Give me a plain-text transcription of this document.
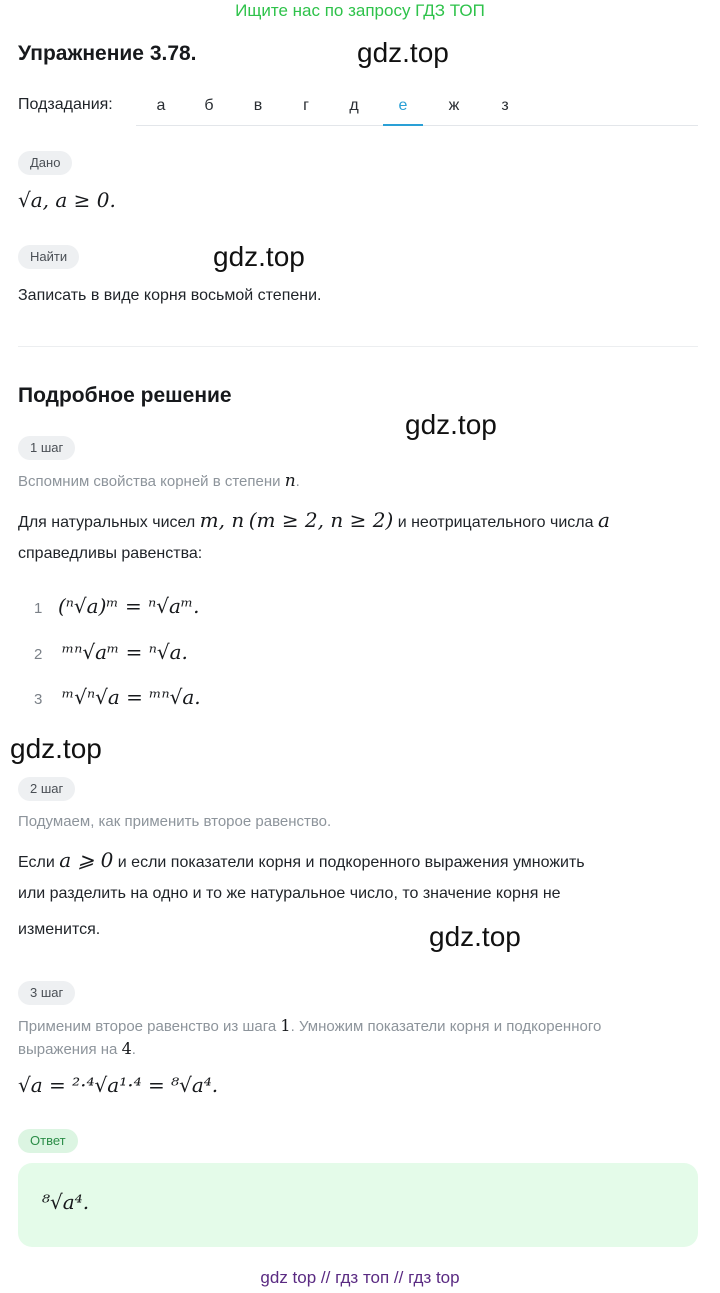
Ищите нас по запросу ГДЗ ТОП
Упражнение 3.78.	gdz.top
gdz.top
gdz.top
gdz.top
gdz.top
Подзадания:	а	б	в	г	д	е	ж	з
Дано
√a, a ≥ 0.
Найти
Записать в виде корня восьмой степени.
Подробное решение
1 шаг
Вспомним свойства корней в степени n.
Для натуральных чисел m, n (m ≥ 2, n ≥ 2) и неотрицательного числа a
справедливы равенства:
1 (ⁿ√a)ᵐ = ⁿ√aᵐ.
2 ᵐⁿ√aᵐ = ⁿ√a.
3 ᵐ√ⁿ√a = ᵐⁿ√a.
2 шаг
Подумаем, как применить второе равенство.
Если a ⩾ 0 и если показатели корня и подкоренного выражения умножить
или разделить на одно и то же натуральное число, то значение корня не
изменится.
3 шаг
Применим второе равенство из шага 1. Умножим показатели корня и подкоренного
выражения на 4.
√a = ²·⁴√a¹·⁴ = ⁸√a⁴.
Ответ
⁸√a⁴.
gdz top // гдз топ // гдз top
